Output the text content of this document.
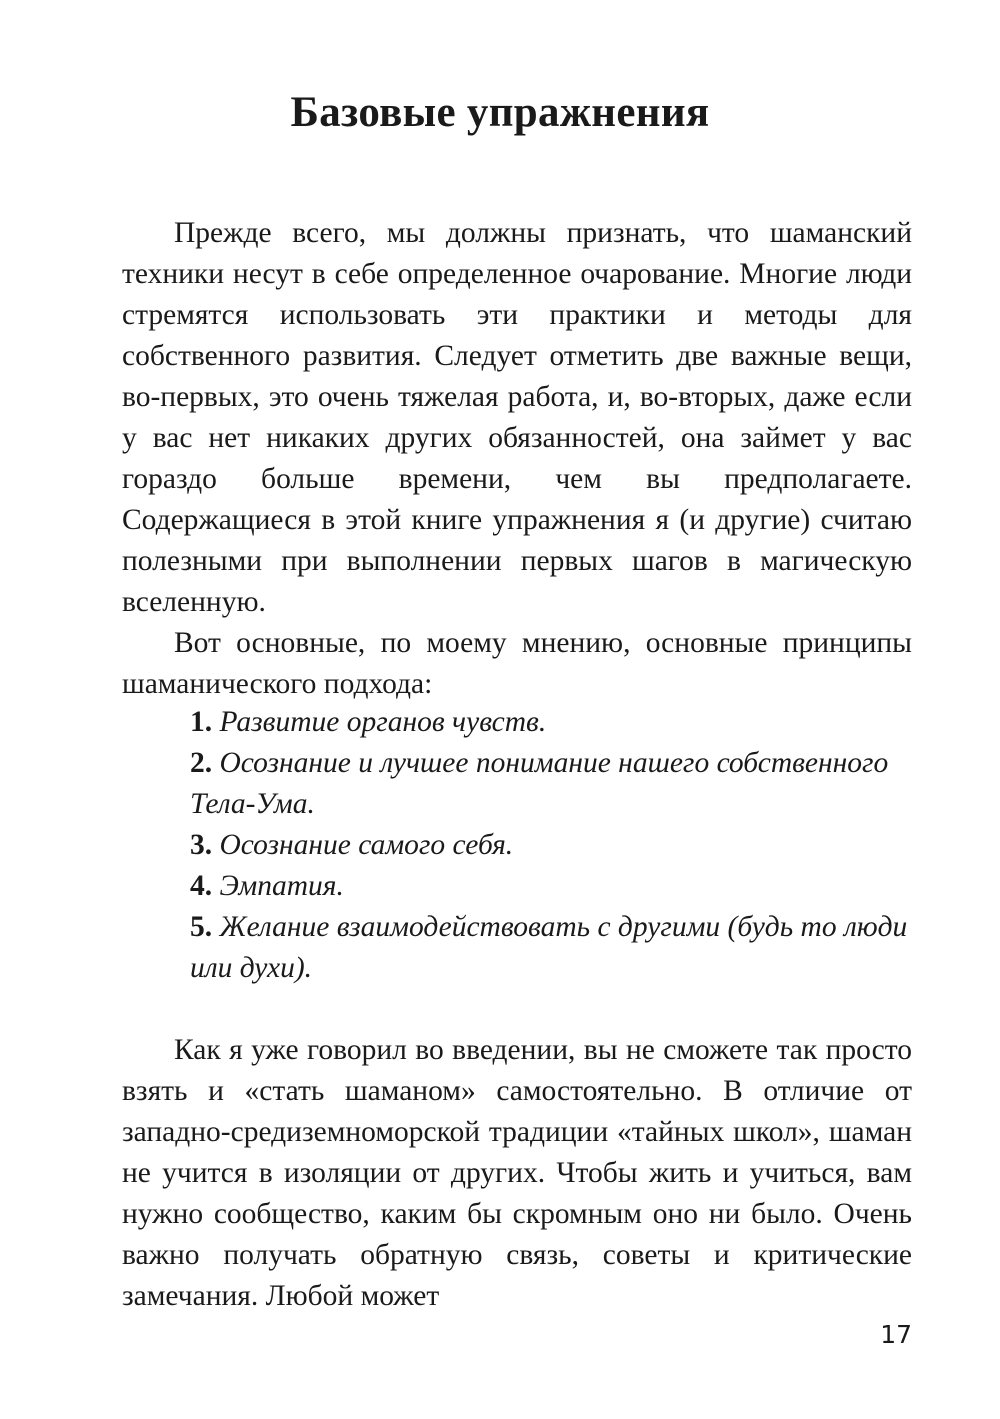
Базовые упражнения

Прежде всего, мы должны признать, что шаманский техники несут в себе определенное очарование. Многие люди стремятся использовать эти практики и методы для собственного развития. Следует отметить две важные вещи, во-первых, это очень тяжелая работа, и, во-вторых, даже если у вас нет никаких других обязанностей, она займет у вас гораздо больше времени, чем вы предполагаете. Содержащиеся в этой книге упражнения я (и другие) считаю полезными при выполнении первых шагов в магическую вселенную.

Вот основные, по моему мнению, основные принципы шаманического подхода:

1. Развитие органов чувств.
2. Осознание и лучшее понимание нашего собственного Тела-Ума.
3. Осознание самого себя.
4. Эмпатия.
5. Желание взаимодействовать с другими (будь то люди или духи).

Как я уже говорил во введении, вы не сможете так просто взять и «стать шаманом» самостоятельно. В отличие от западно-средиземноморской традиции «тайных школ», шаман не учится в изоляции от других. Чтобы жить и учиться, вам нужно сообщество, каким бы скромным оно ни было. Очень важно получать обратную связь, советы и критические замечания. Любой может

17
